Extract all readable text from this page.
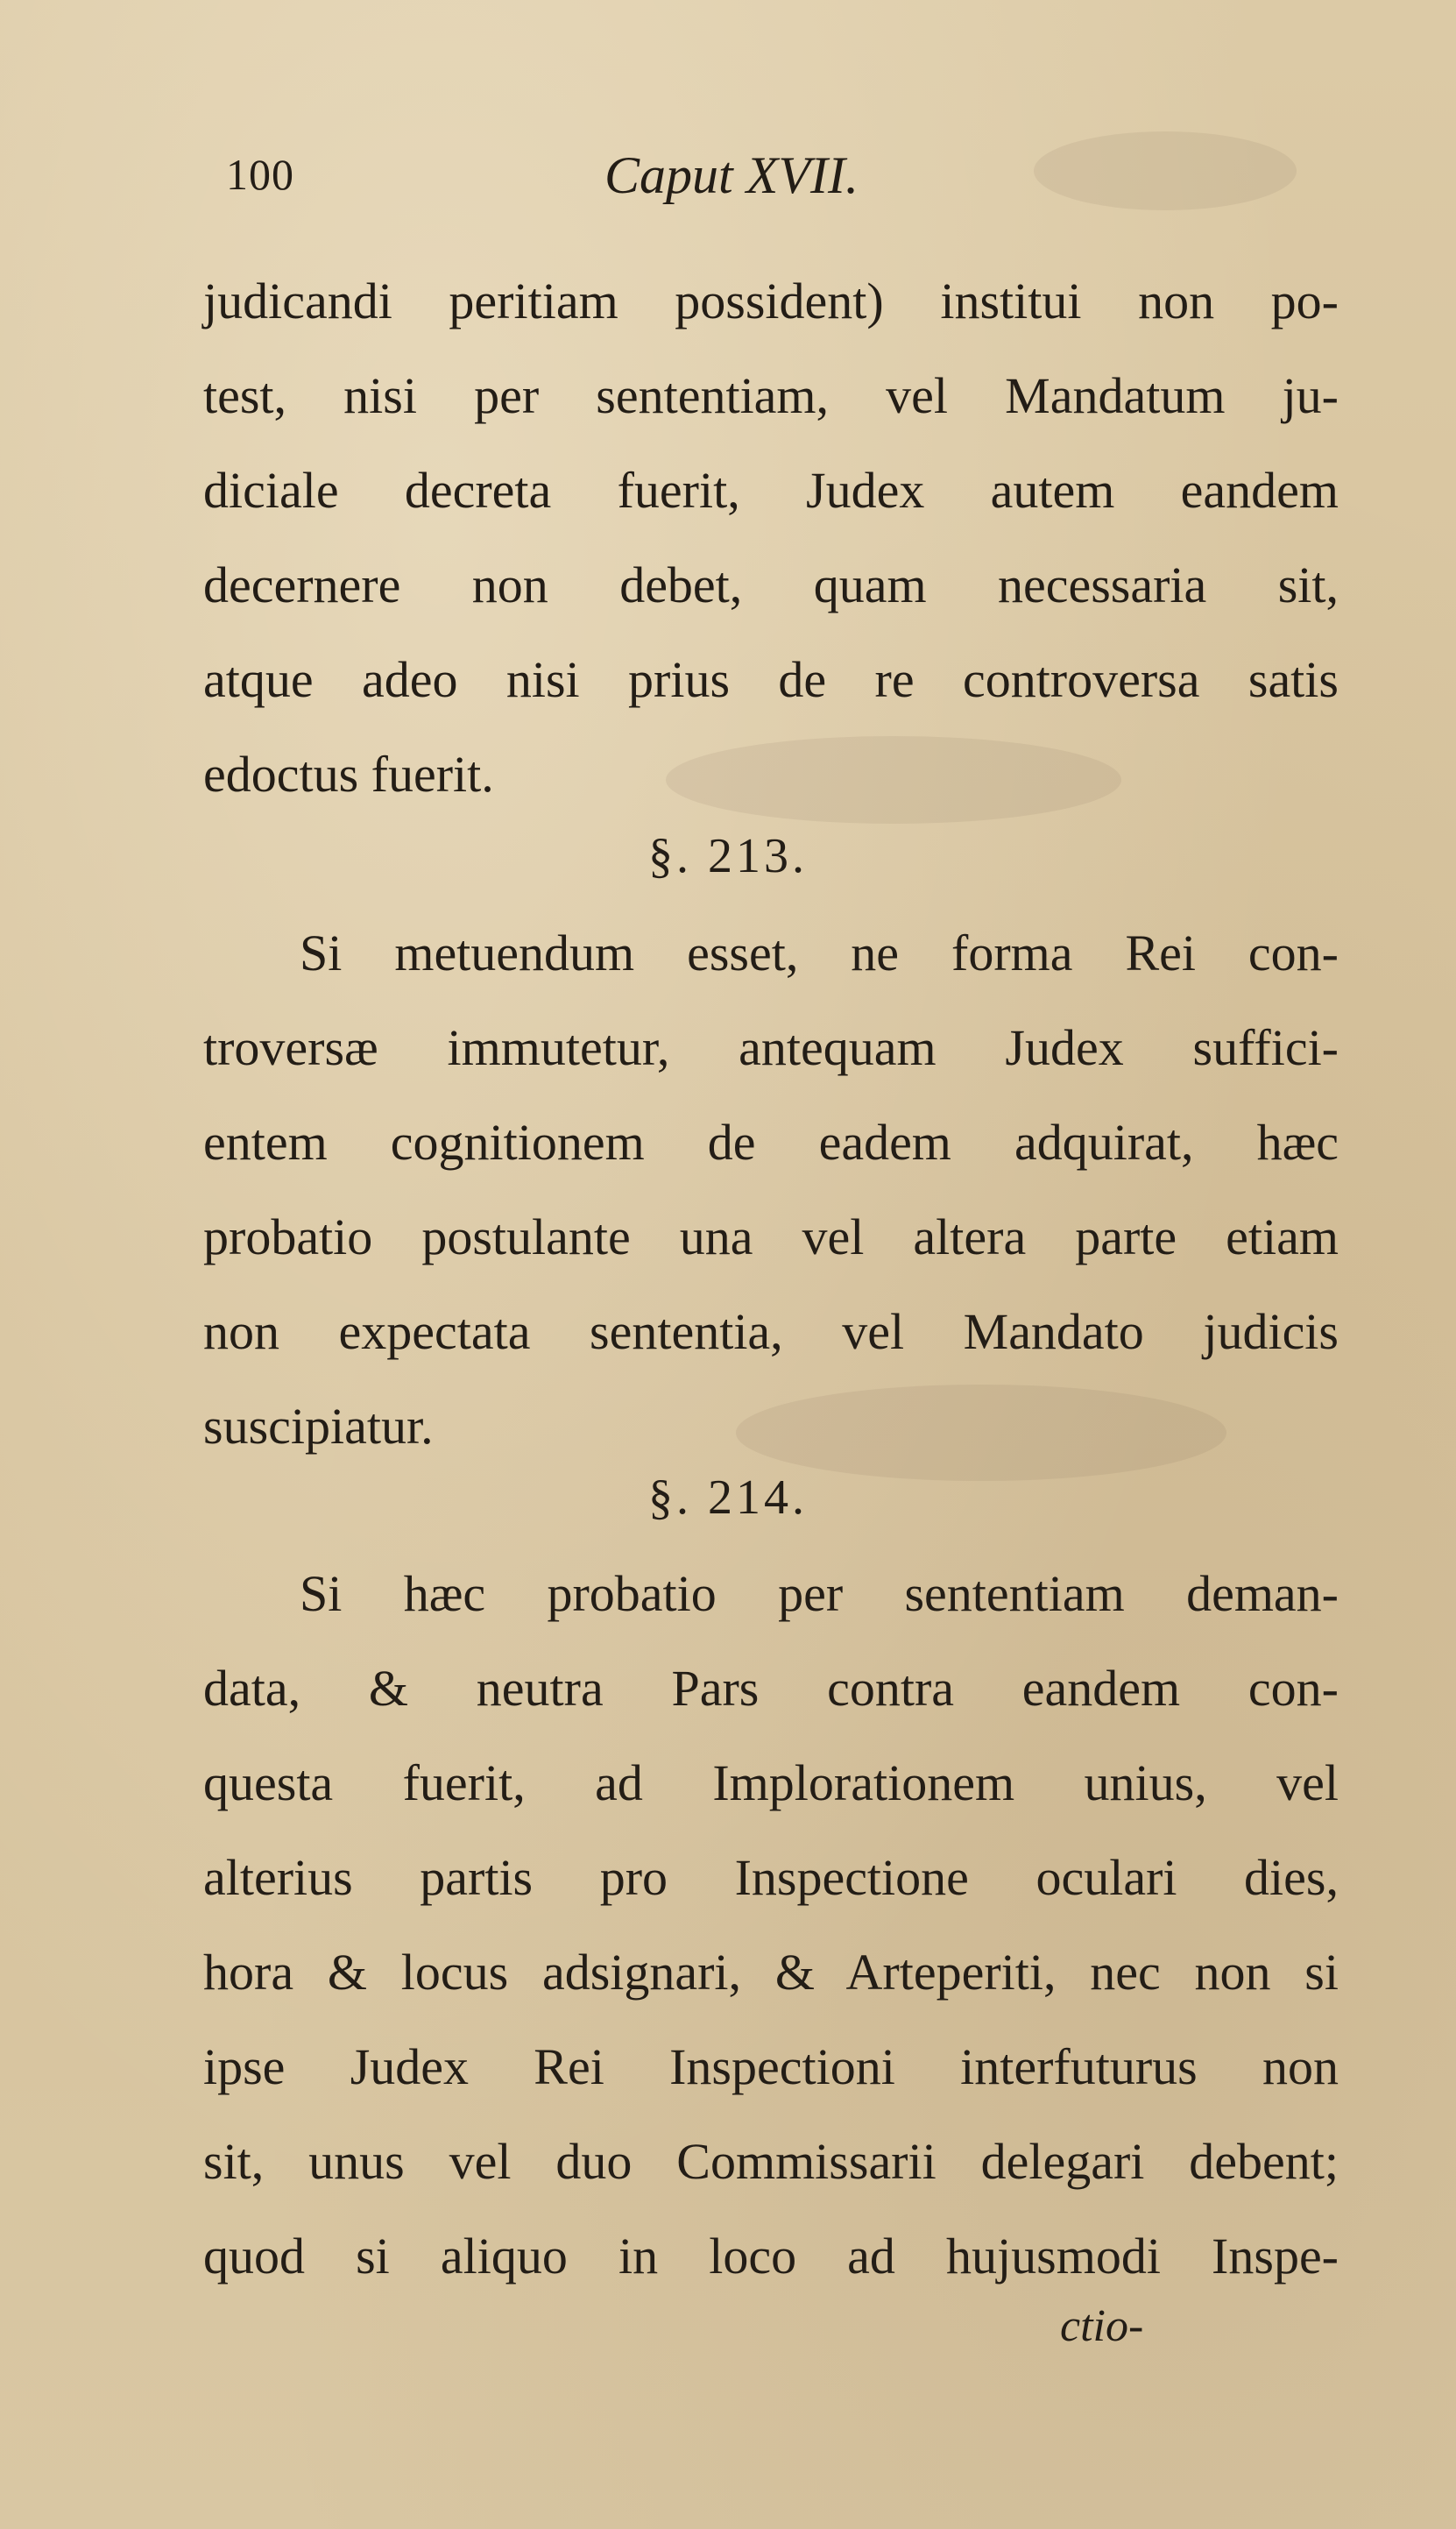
100	Caput XVII.
judicandi peritiam possident) institui non po-
test, nisi per sententiam, vel Mandatum ju-
diciale decreta fuerit, Judex autem eandem
decernere non debet, quam necessaria sit,
atque adeo nisi prius de re controversa satis
edoctus fuerit.
§. 213.
Si metuendum esset, ne forma Rei con-
troversæ immutetur, antequam Judex suffici-
entem cognitionem de eadem adquirat, hæc
probatio postulante una vel altera parte etiam
non expectata sententia, vel Mandato judicis
suscipiatur.
§. 214.
Si hæc probatio per sententiam deman-
data, & neutra Pars contra eandem con-
questa fuerit, ad Implorationem unius, vel
alterius partis pro Inspectione oculari dies,
hora & locus adsignari, & Arteperiti, nec non si
ipse Judex Rei Inspectioni interfuturus non
sit, unus vel duo Commissarii delegari debent;
quod si aliquo in loco ad hujusmodi Inspe-
ctio-
